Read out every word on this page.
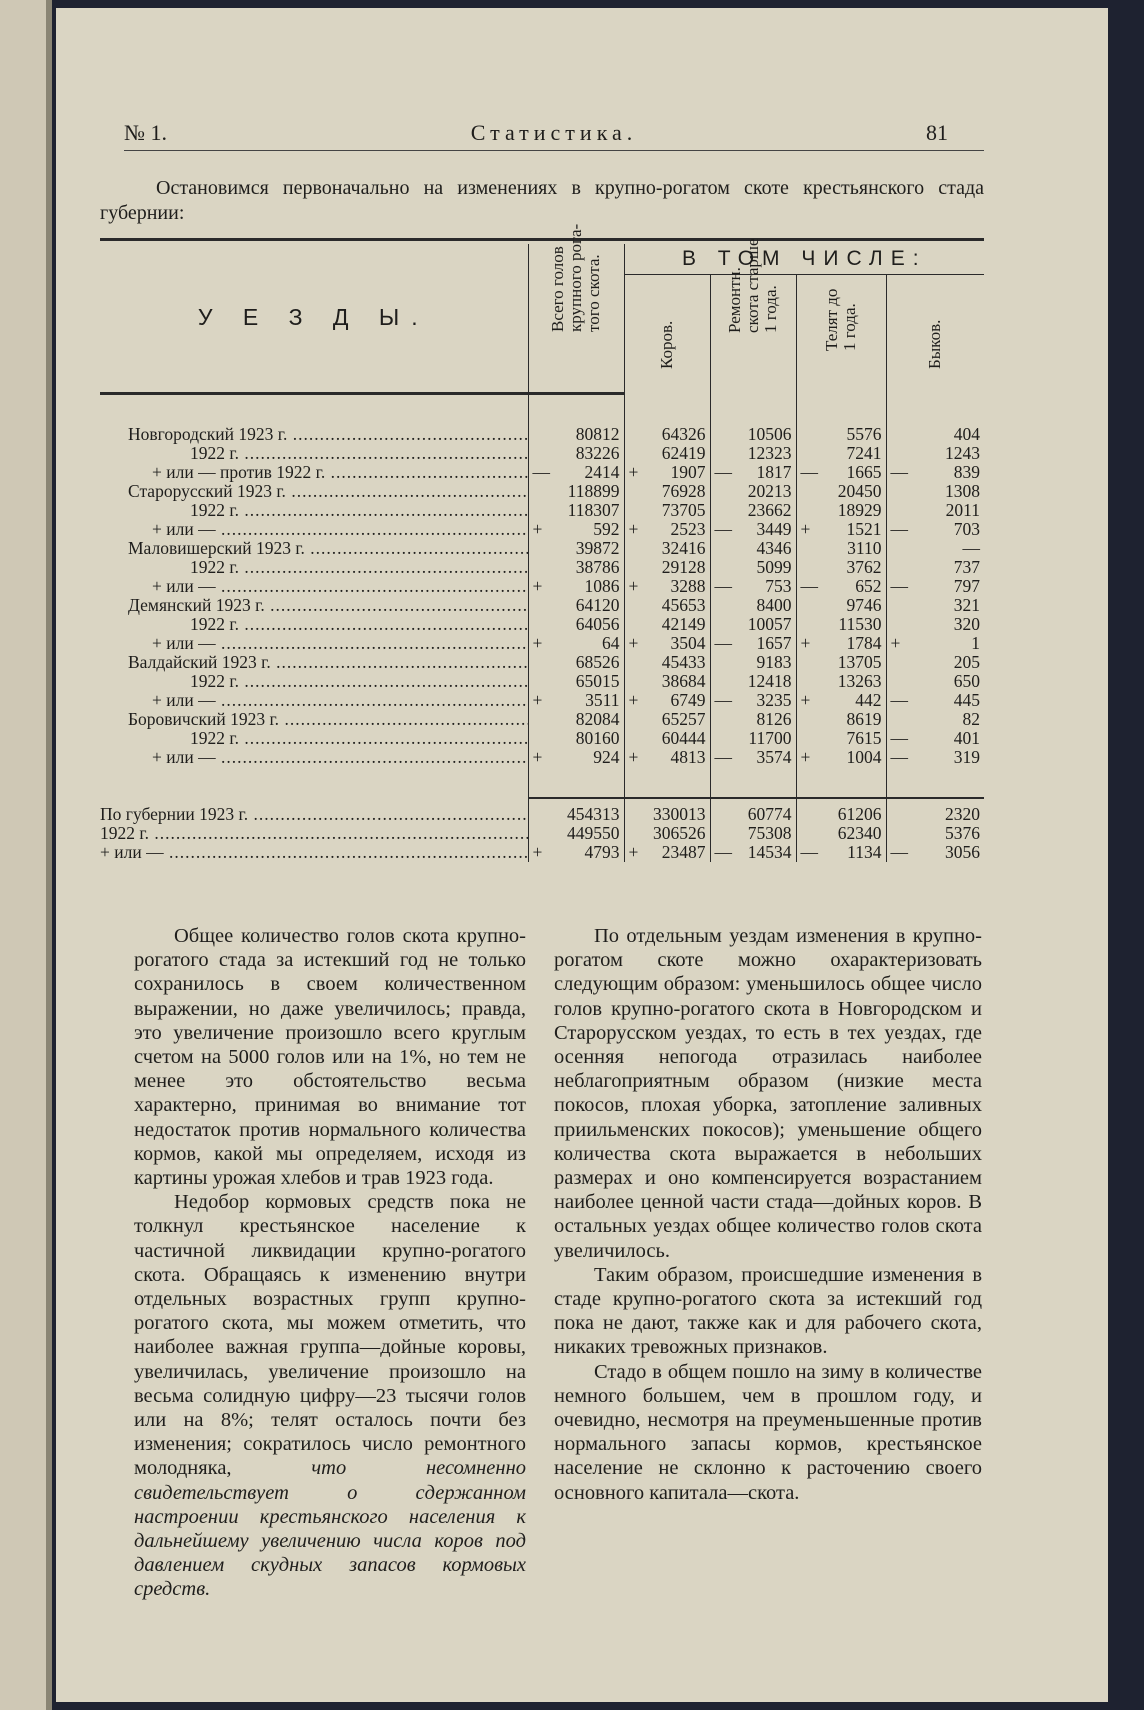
№ 1.	Статистика.	81
Остановимся первоначально на изменениях в крупно-рогатом скоте крестьянского стада губернии:
У Е З Д Ы.	Всего голов
крупного рога-
того скота.	В ТОМ ЧИСЛЕ:			

		Коров.	Ремонтн.
скота старше
1 года.	Телят до
1 года.	Быков.

Новгородский 1923 г. .....	80812	64326	10506	5576	404
1922 г. .....	83226	62419	12323	7241	1243
+ или — против 1922 г. .....	— 2414	+ 1907	— 1817	— 1665	— 839
Старорусский 1923 г. .....	118899	76928	20213	20450	1308
1922 г. .....	118307	73705	23662	18929	2011
+ или — .....	+ 592	+ 2523	— 3449	+ 1521	— 703
Маловишерский 1923 г. .....	39872	32416	4346	3110	—
1922 г. .....	38786	29128	5099	3762	737
+ или — .....	+ 1086	+ 3288	— 753	— 652	— 797
Демянский 1923 г. .....	64120	45653	8400	9746	321
1922 г. .....	64056	42149	10057	11530	320
+ или — .....	+ 64	+ 3504	— 1657	+ 1784	+ 1
Валдайский 1923 г. .....	68526	45433	9183	13705	205
1922 г. .....	65015	38684	12418	13263	650
+ или — .....	+ 3511	+ 6749	— 3235	+ 442	— 445
Боровичский 1923 г. .....	82084	65257	8126	8619	82
1922 г. .....	80160	60444	11700	7615	— 401
+ или — .....	+ 924	+ 4813	— 3574	+ 1004	— 319

По губернии 1923 г. .....	454313	330013	60774	61206	2320
1922 г. .....	449550	306526	75308	62340	5376
+ или — .....	+ 4793	+ 23487	— 14534	— 1134	— 3056

Общее количество голов скота крупно-рогатого стада за истекший год не только сохранилось в своем количественном выражении, но даже увеличилось; правда, это увеличение произошло всего круглым счетом на 5000 голов или на 1%, но тем не менее это обстоятельство весьма характерно, принимая во внимание тот недостаток против нормального количества кормов, какой мы определяем, исходя из картины урожая хлебов и трав 1923 года.

Недобор кормовых средств пока не толкнул крестьянское население к частичной ликвидации крупно-рогатого скота. Обращаясь к изменению внутри отдельных возрастных групп крупно-рогатого скота, мы можем отметить, что наиболее важная группа—дойные коровы, увеличилась, увеличение произошло на весьма солидную цифру—23 тысячи голов или на 8%; телят осталось почти без изменения; сократилось число ремонтного молодняка,	что несомненно свидетельствует о сдержанном настроении крестьянского населения к дальнейшему увеличению числа коров под давлением скудных запасов кормовых средств.

По отдельным уездам изменения в крупно-рогатом скоте можно охарактеризовать следующим образом: уменьшилось общее число голов крупно-рогатого скота в Новгородском и Старорусском уездах, то есть в тех уездах, где осенняя непогода отразилась наиболее неблагоприятным образом (низкие места покосов, плохая уборка, затопление заливных приильменских покосов); уменьшение общего количества скота выражается в небольших размерах и оно компенсируется возрастанием наиболее ценной части стада—дойных коров. В остальных уездах общее количество голов скота увеличилось.

Таким образом, происшедшие изменения в стаде крупно-рогатого скота за истекший год пока не дают, также как и для рабочего скота, никаких тревожных признаков.

Стадо в общем пошло на зиму в количестве немного большем, чем в прошлом году, и очевидно, несмотря на преуменьшенные против нормального запасы кормов, крестьянское население не склонно к расточению своего основного капитала—скота.
